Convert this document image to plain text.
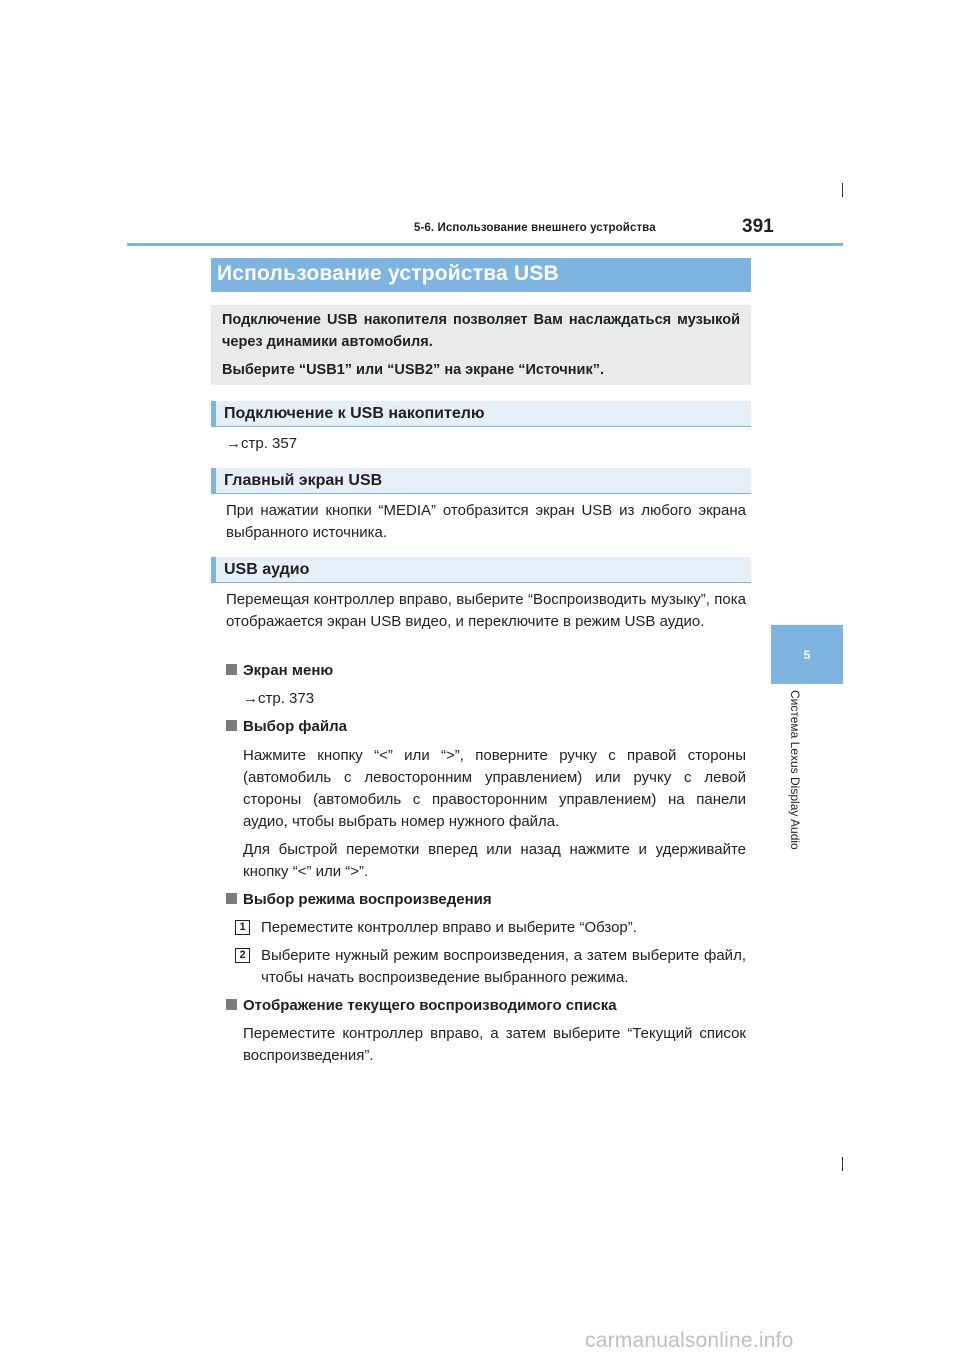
5-6. Использование внешнего устройства	391
5
Система Lexus Display Audio
Использование устройства USB

Подключение USB накопителя позволяет Вам наслаждаться музыкой через динамики автомобиля.

Выберите “USB1” или “USB2” на экране “Источник”.

Подключение к USB накопителю

→стр. 357

Главный экран USB

При нажатии кнопки “MEDIA” отобразится экран USB из любого экрана выбранного источника.

USB аудио

Перемещая контроллер вправо, выберите “Воспроизводить музыку”, пока отображается экран USB видео, и переключите в режим USB аудио.

Экран меню

→стр. 373

Выбор файла

Нажмите кнопку “<” или “>”, поверните ручку с правой стороны (автомобиль с левосторонним управлением) или ручку с левой стороны (автомобиль с правосторонним управлением) на панели аудио, чтобы выбрать номер нужного файла.

Для быстрой перемотки вперед или назад нажмите и удерживайте кнопку “<” или “>”.

Выбор режима воспроизведения
1 Переместите контроллер вправо и выберите “Обзор”.

2 Выберите нужный режим воспроизведения, а затем выберите файл, чтобы начать воспроизведение выбранного режима.

Отображение текущего воспроизводимого списка

Переместите контроллер вправо, а затем выберите “Текущий список воспроизведения”.

carmanualsonline.info
